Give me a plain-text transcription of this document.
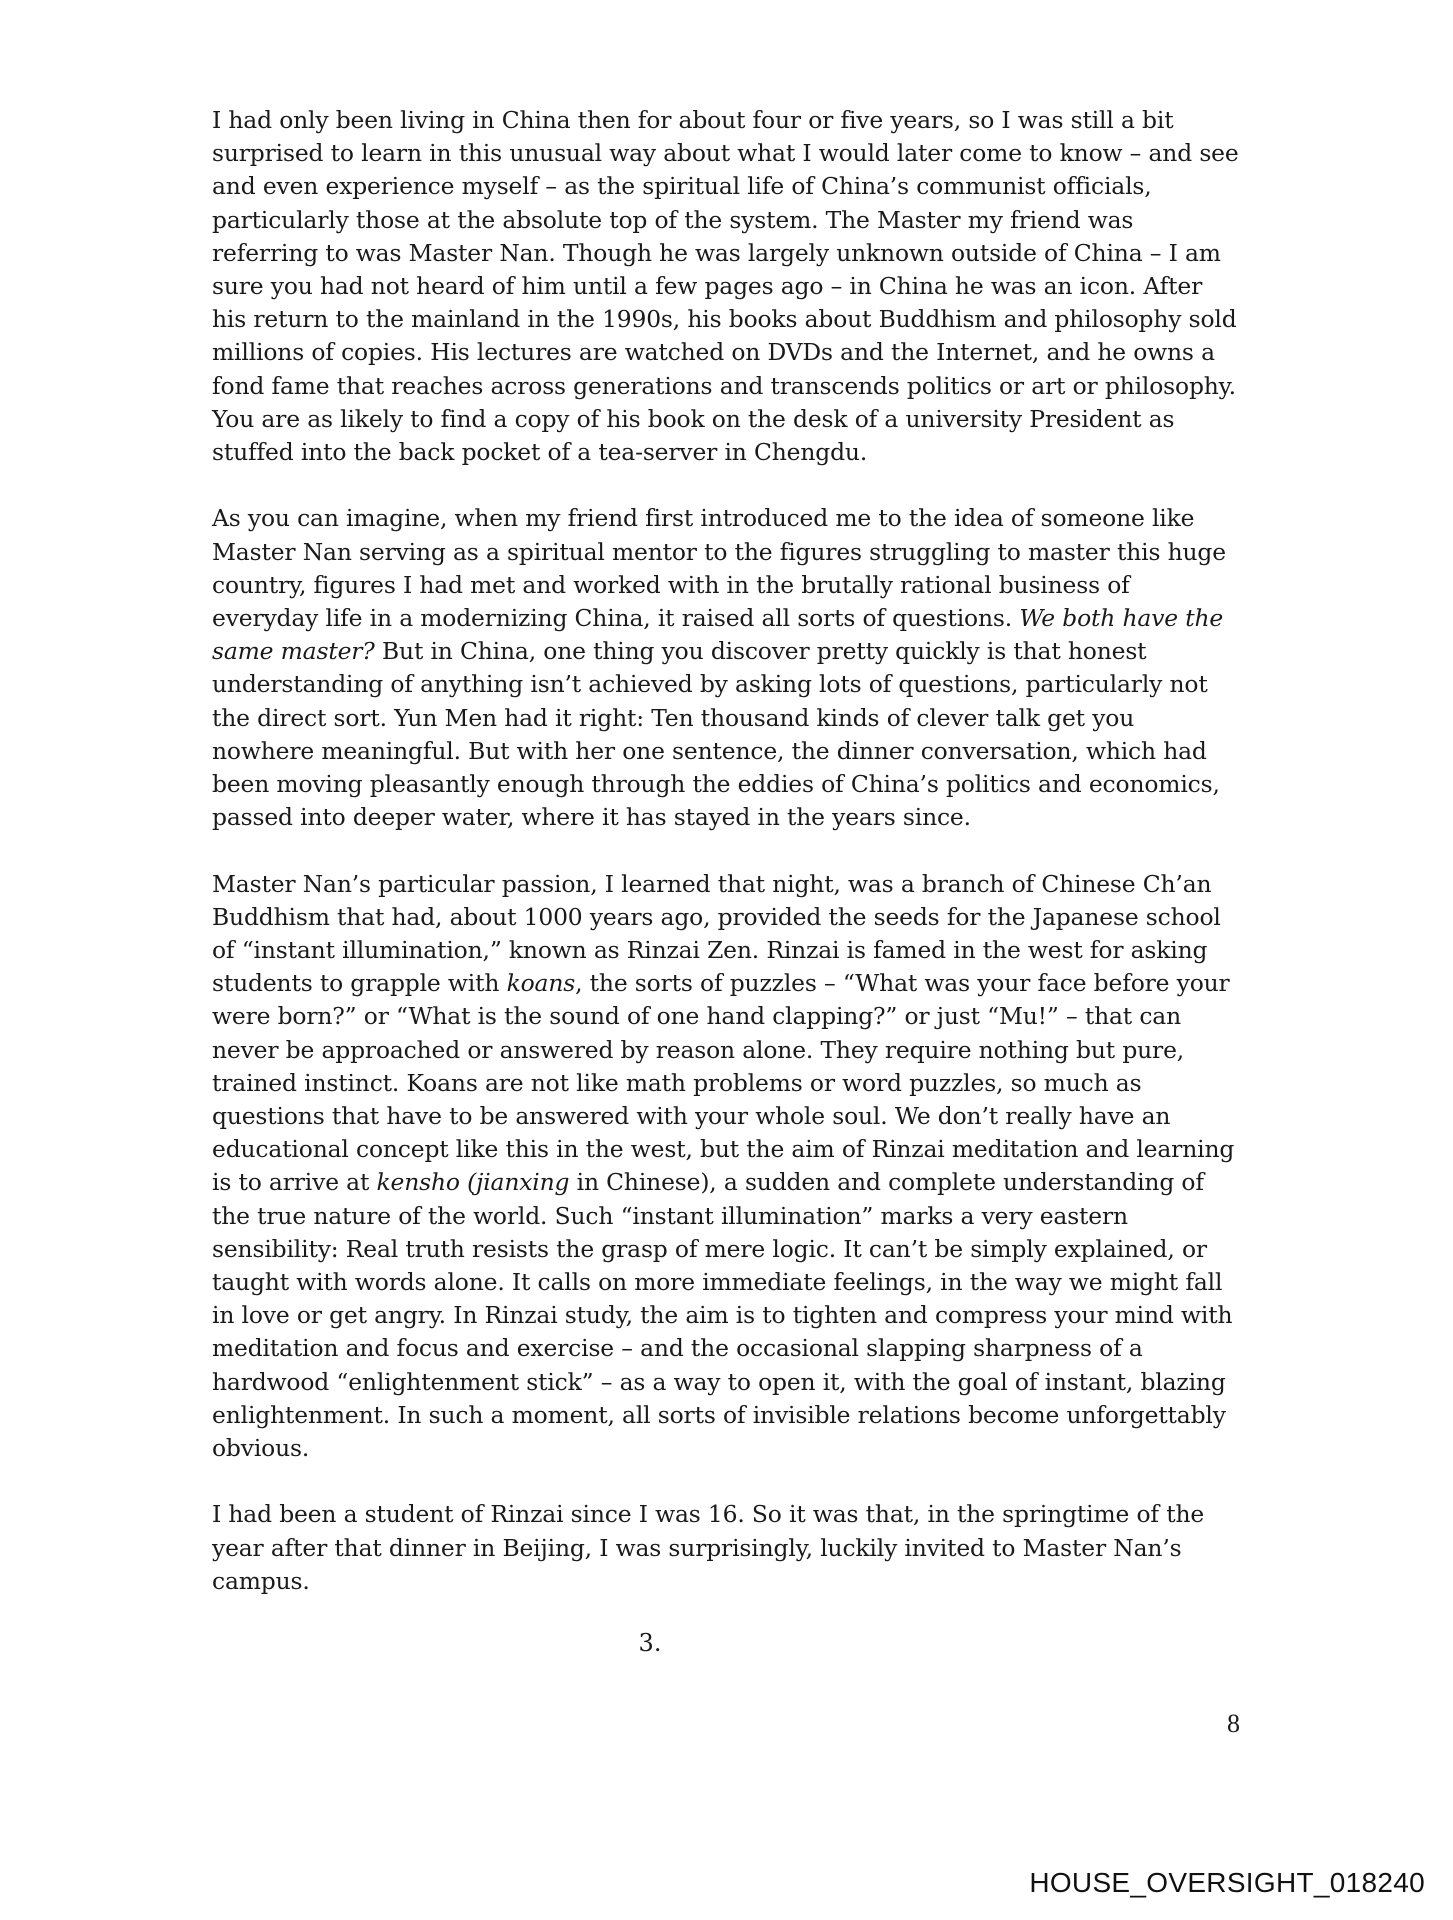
I had only been living in China then for about four or five years, so I was still a bit surprised to learn in this unusual way about what I would later come to know – and see and even experience myself – as the spiritual life of China’s communist officials, particularly those at the absolute top of the system. The Master my friend was referring to was Master Nan. Though he was largely unknown outside of China – I am sure you had not heard of him until a few pages ago – in China he was an icon. After his return to the mainland in the 1990s, his books about Buddhism and philosophy sold millions of copies. His lectures are watched on DVDs and the Internet, and he owns a fond fame that reaches across generations and transcends politics or art or philosophy. You are as likely to find a copy of his book on the desk of a university President as stuffed into the back pocket of a tea-server in Chengdu.

As you can imagine, when my friend first introduced me to the idea of someone like Master Nan serving as a spiritual mentor to the figures struggling to master this huge country, figures I had met and worked with in the brutally rational business of everyday life in a modernizing China, it raised all sorts of questions. We both have the same master? But in China, one thing you discover pretty quickly is that honest understanding of anything isn’t achieved by asking lots of questions, particularly not the direct sort. Yun Men had it right: Ten thousand kinds of clever talk get you nowhere meaningful. But with her one sentence, the dinner conversation, which had been moving pleasantly enough through the eddies of China’s politics and economics, passed into deeper water, where it has stayed in the years since.

Master Nan’s particular passion, I learned that night, was a branch of Chinese Ch’an Buddhism that had, about 1000 years ago, provided the seeds for the Japanese school of “instant illumination,” known as Rinzai Zen. Rinzai is famed in the west for asking students to grapple with koans, the sorts of puzzles – “What was your face before your were born?” or “What is the sound of one hand clapping?” or just “Mu!” – that can never be approached or answered by reason alone. They require nothing but pure, trained instinct. Koans are not like math problems or word puzzles, so much as questions that have to be answered with your whole soul. We don’t really have an educational concept like this in the west, but the aim of Rinzai meditation and learning is to arrive at kensho (jianxing in Chinese), a sudden and complete understanding of the true nature of the world. Such “instant illumination” marks a very eastern sensibility: Real truth resists the grasp of mere logic. It can’t be simply explained, or taught with words alone. It calls on more immediate feelings, in the way we might fall in love or get angry. In Rinzai study, the aim is to tighten and compress your mind with meditation and focus and exercise – and the occasional slapping sharpness of a hardwood “enlightenment stick” – as a way to open it, with the goal of instant, blazing enlightenment. In such a moment, all sorts of invisible relations become unforgettably obvious.

I had been a student of Rinzai since I was 16. So it was that, in the springtime of the year after that dinner in Beijing, I was surprisingly, luckily invited to Master Nan’s campus.

3.
8
HOUSE_OVERSIGHT_018240
